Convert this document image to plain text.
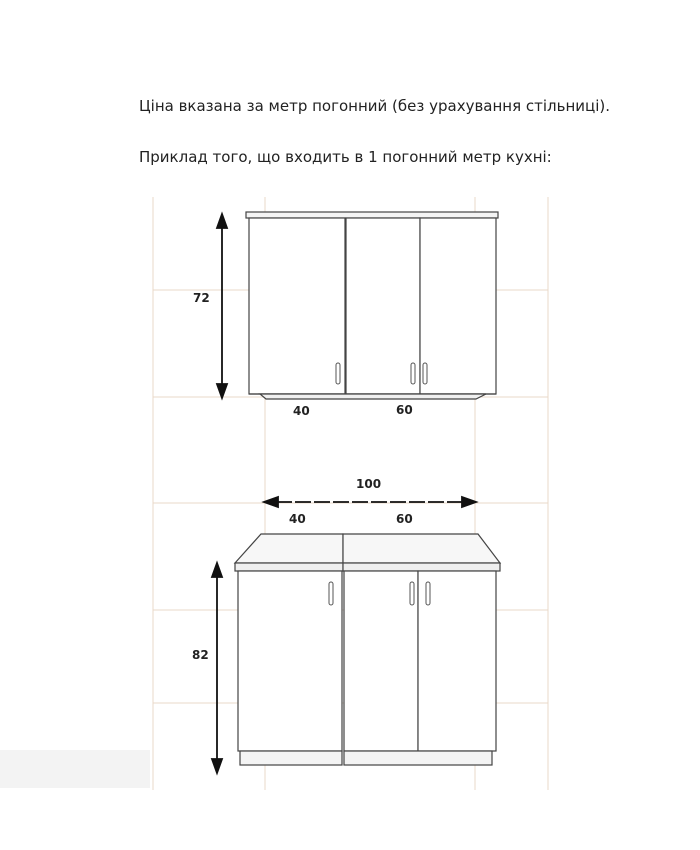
Ціна вказана за метр погонний (без урахування стільниці).
Приклад того, що входить в 1 погонний метр кухні:
72
40	60
100
40	60
82
